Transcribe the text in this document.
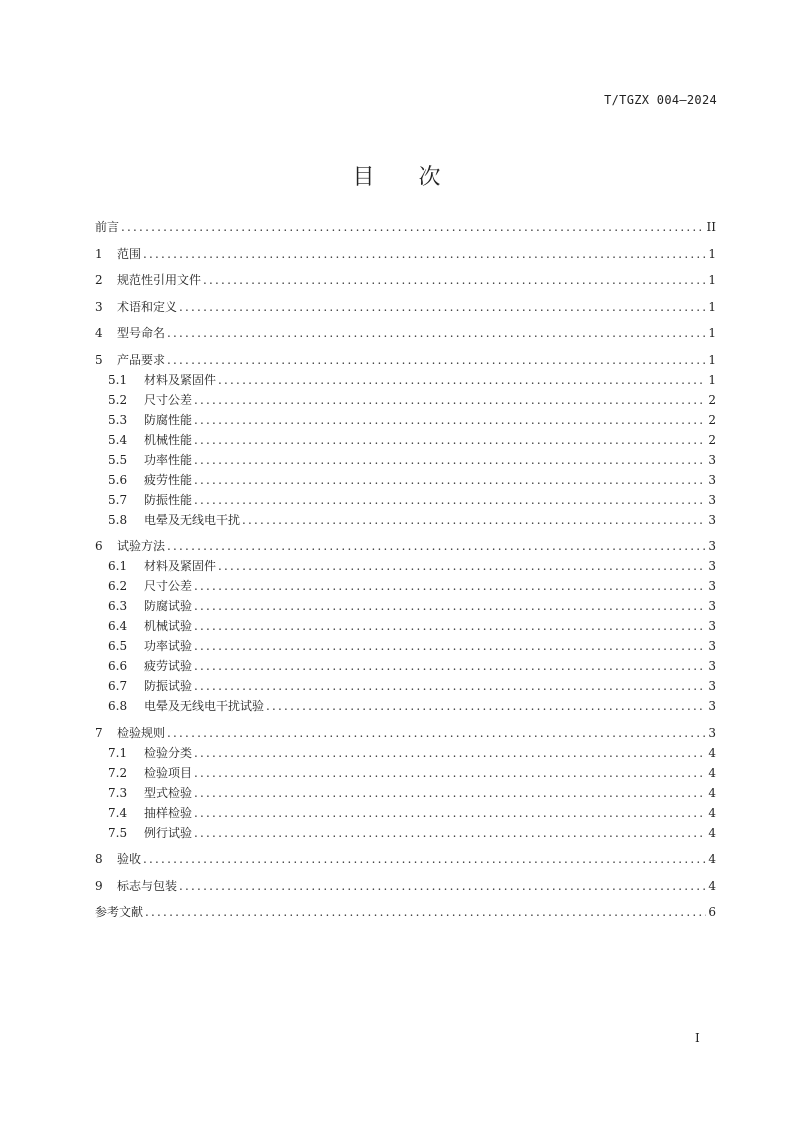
T/TGZX 004—2024
目　　次
前言 .....	II
1	范围 .....	1
2	规范性引用文件 .....	1
3	术语和定义 .....	1
4	型号命名 .....	1
5	产品要求 .....	1
5.1	材料及紧固件 .....	1
5.2	尺寸公差 .....	2
5.3	防腐性能 .....	2
5.4	机械性能 .....	2
5.5	功率性能 .....	3
5.6	疲劳性能 .....	3
5.7	防振性能 .....	3
5.8	电晕及无线电干扰 .....	3
6	试验方法 .....	3
6.1	材料及紧固件 .....	3
6.2	尺寸公差 .....	3
6.3	防腐试验 .....	3
6.4	机械试验 .....	3
6.5	功率试验 .....	3
6.6	疲劳试验 .....	3
6.7	防振试验 .....	3
6.8	电晕及无线电干扰试验 .....	3
7	检验规则 .....	3
7.1	检验分类 .....	4
7.2	检验项目 .....	4
7.3	型式检验 .....	4
7.4	抽样检验 .....	4
7.5	例行试验 .....	4
8	验收 .....	4
9	标志与包装 .....	4
参考文献 .....	6
I
